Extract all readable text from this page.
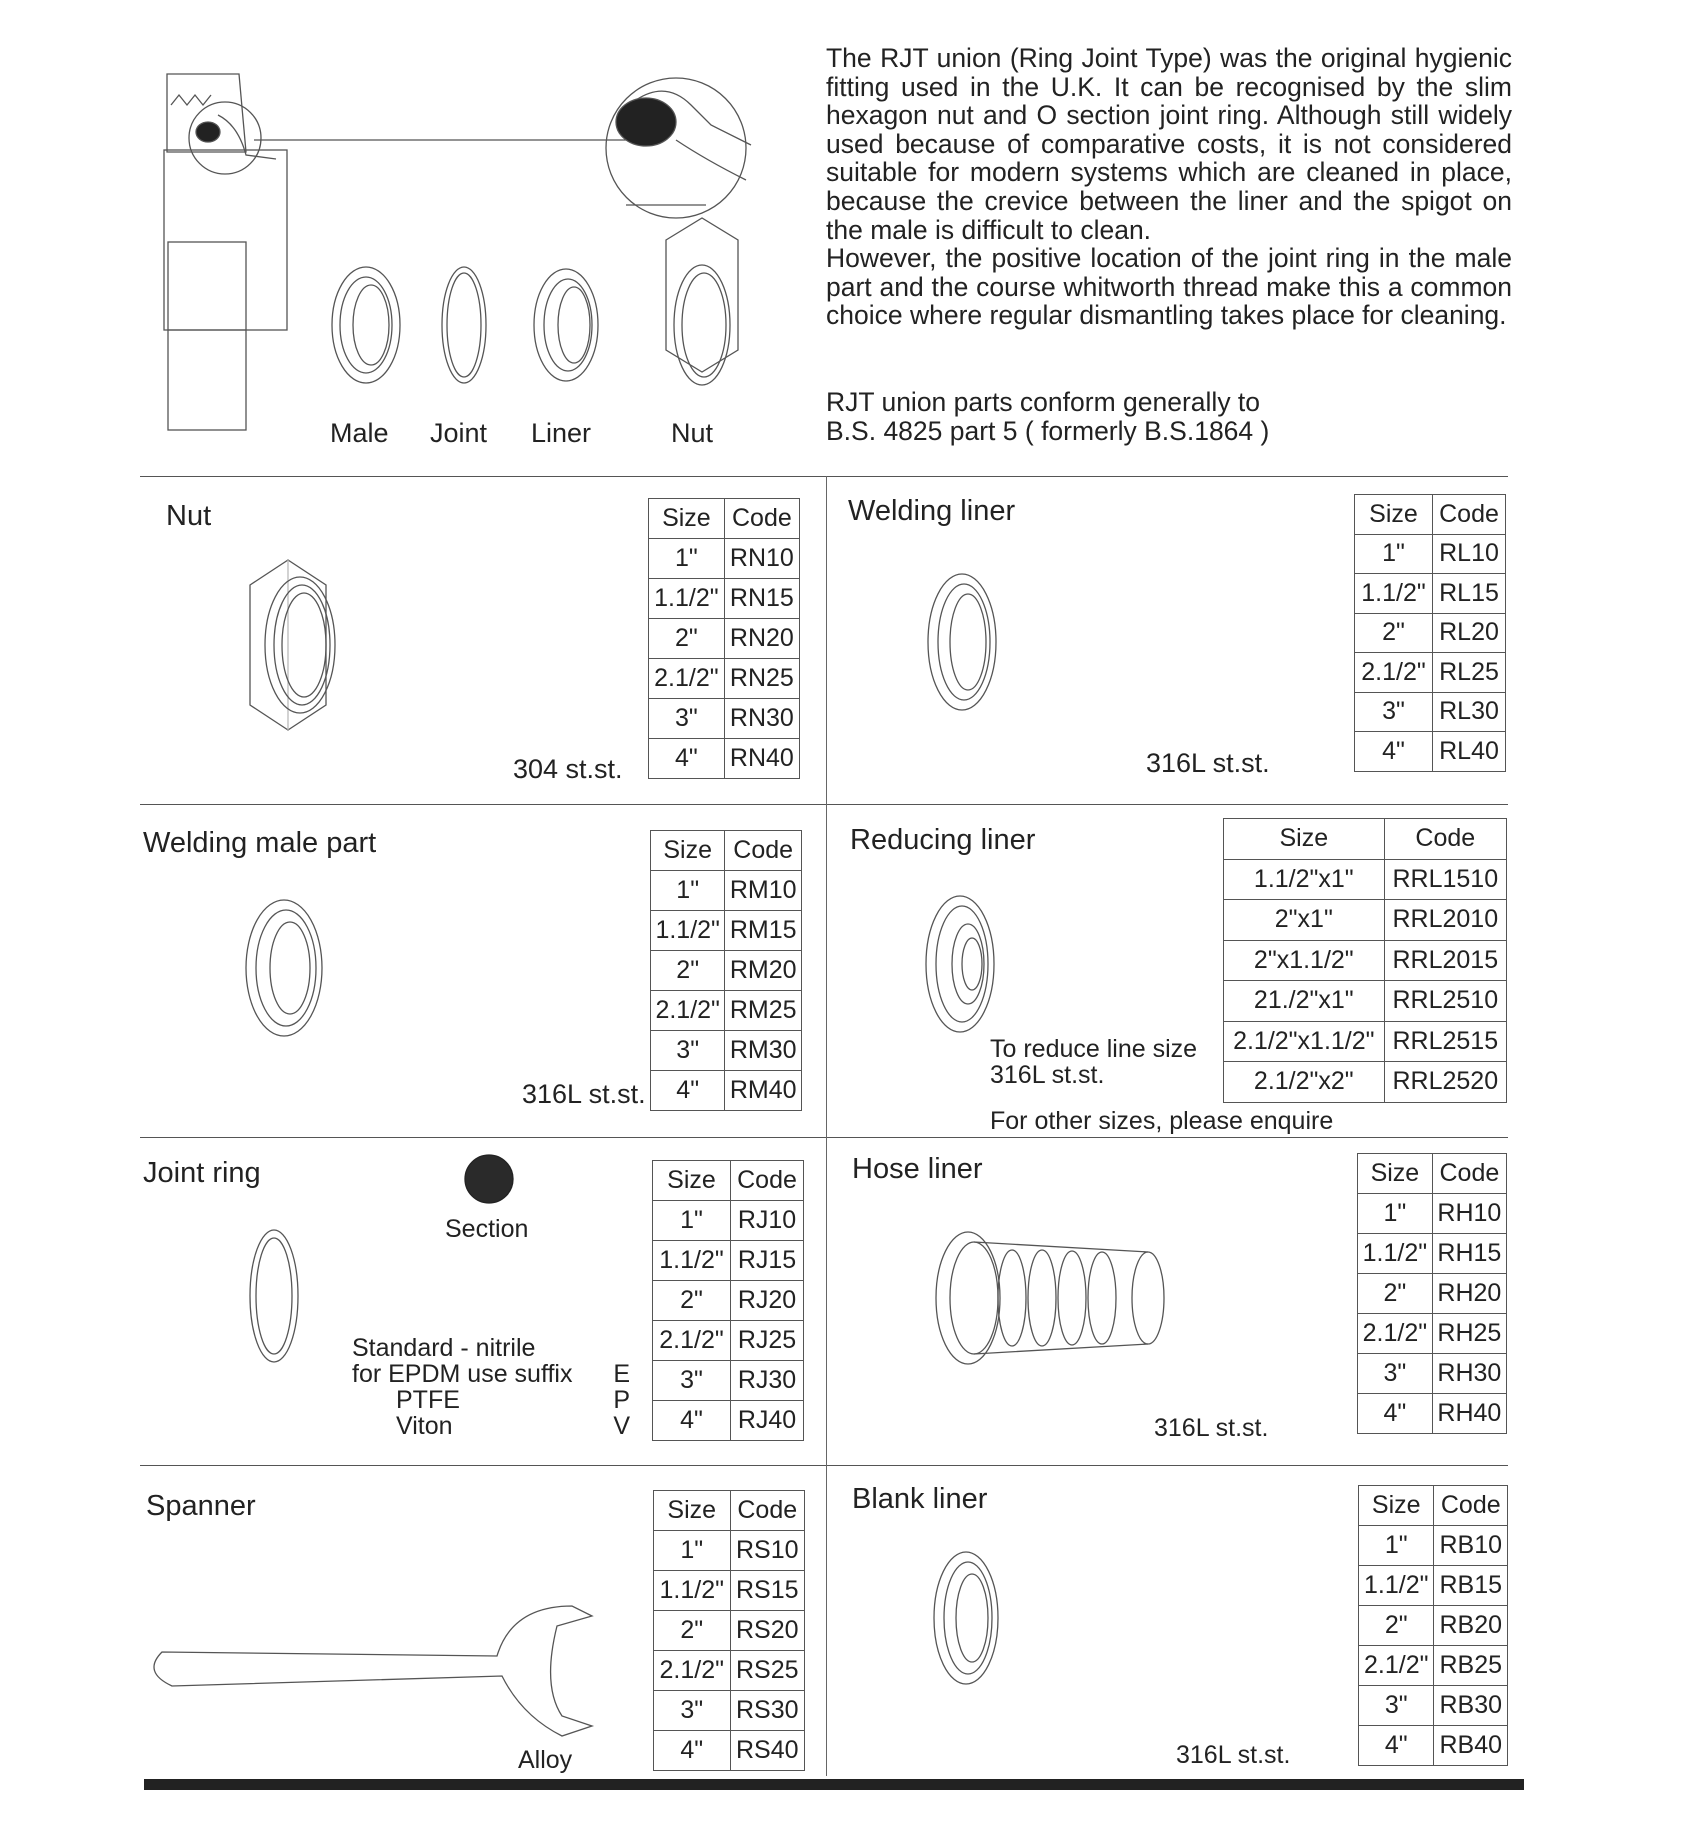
Male Joint Liner	Nut

The RJT union (Ring Joint Type) was the original hygienic fitting used in the U.K. It can be recognised by the slim hexagon nut and O section joint ring. Although still widely used because of comparative costs, it is not considered suitable for modern systems which are cleaned in place, because the crevice between the liner and the spigot on the male is difficult to clean.

However, the positive location of the joint ring in the male part and the course whitworth thread make this a common choice where regular dismantling takes place for cleaning.

RJT union parts conform generally to
B.S. 4825 part 5 ( formerly B.S.1864 )
Nut
304 st.st.
Size	Code
1"	RN10
1.1/2"	RN15
2"	RN20
2.1/2"	RN25
3"	RN30
4"	RN40
Welding liner
316L st.st.
Size	Code
1"	RL10
1.1/2"	RL15
2"	RL20
2.1/2"	RL25
3"	RL30
4"	RL40
Welding male part
316L st.st.
Size	Code
1"	RM10
1.1/2"	RM15
2"	RM20
2.1/2"	RM25
3"	RM30
4"	RM40
Reducing liner
To reduce line size
316L st.st.
For other sizes, please enquire
Size	Code
1.1/2"x1"	RRL1510
2"x1"	RRL2010
2"x1.1/2"	RRL2015
21./2"x1"	RRL2510
2.1/2"x1.1/2"	RRL2515
2.1/2"x2"	RRL2520
Joint ring
Section
Standard - nitrile
for EPDM use suffix
PTFE
Viton
E
P
V
Size	Code
1"	RJ10
1.1/2"	RJ15
2"	RJ20
2.1/2"	RJ25
3"	RJ30
4"	RJ40
Hose liner
316L st.st.
Size	Code
1"	RH10
1.1/2"	RH15
2"	RH20
2.1/2"	RH25
3"	RH30
4"	RH40
Spanner
Alloy
Size	Code
1"	RS10
1.1/2"	RS15
2"	RS20
2.1/2"	RS25
3"	RS30
4"	RS40
Blank liner
316L st.st.
Size	Code
1"	RB10
1.1/2"	RB15
2"	RB20
2.1/2"	RB25
3"	RB30
4"	RB40
